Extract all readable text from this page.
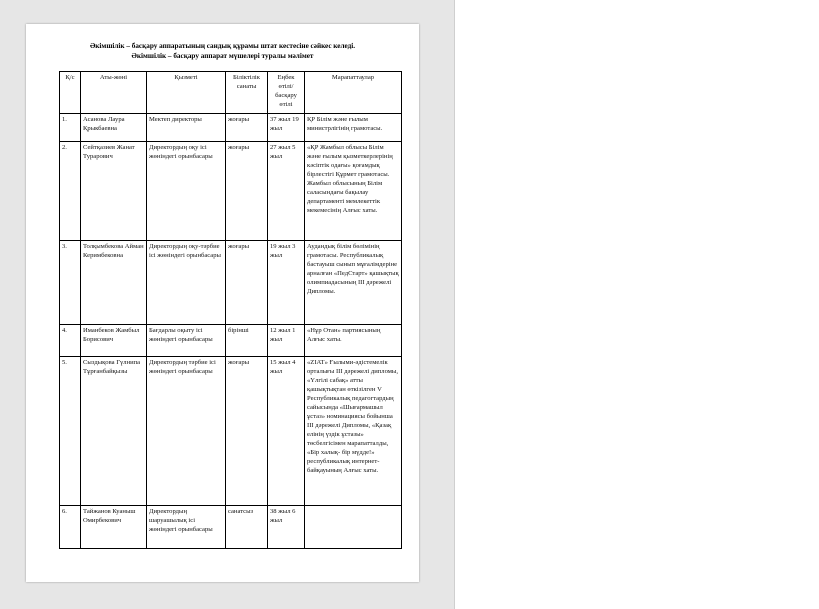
Әкімшілік – басқару аппаратының сандық құрамы штат кестесіне сәйкес келеді.
Әкімшілік – басқару аппарат мүшелері туралы мәлімет
Қ/с	Аты-жөні	Қызметі	Біліктілік санаты	Еңбек өтілі/ басқару өтілі	Марапаттаулар
1.	Асанова Лаура Қрыкбаевна	Мектеп директоры	жоғары	37 жыл 19 жыл	ҚР Білім және ғылым министрлігінің грамотасы.
2.	Сейтқазиев Жанат Турарович	Директордың оқу ісі жөніндегі орынбасары	жоғары	27 жыл 5 жыл	«ҚР Жамбыл облысы Білім және ғылым қызметкерлерінің кәсіптік одағы» қоғамдық бірлестігі Құрмет грамотасы. Жамбыл облысының Білім саласындағы бақылау департаменті мемлекеттік мекемесінің Алғыс хаты.
3.	Толқымбекова Айман Керимбековна	Директордың оқу-тәрбие ісі жөніндегі орынбасары	жоғары	19 жыл 3 жыл	Аудандық білім бөлімінің грамотасы. Республикалық бастауыш сынып мұғалімдеріне арналған «ПедСтарт» қашықтық олимпиадасының ІІІ дәрежелі Дипломы.
4.	Иманбеков Жамбыл Борисович	Бағдарлы оқыту ісі жөніндегі орынбасары	бірінші	12 жыл 1 жыл	«Нұр Отан» партиясының Алғыс хаты.
5.	Сыздықова Гүлнипа Тұрғанбайқызы	Директордың тәрбие ісі жөніндегі орынбасары	жоғары	15 жыл 4 жыл	«ZIAT» Ғылыми-әдістемелік орталығы ІІІ дәрежелі дипломы, «Үлгілі сабақ» атты қашықтықтан өткізілген V Республикалық педагогтардың сайысында «Шығармашыл ұстаз» номинациясы бойынша ІІІ дәрежелі Дипломы, «Қазақ елінің үздік ұстазы» төсбелгісімен марапатталды, «Бір халық- бір мүдде!» республикалық интернет-байқауының Алғыс хаты.
6.	Тайжанов Куаныш Омирбекович	Директордың шаруашылық ісі жөніндегі орынбасары	санатсыз	38 жыл 6 жыл	
